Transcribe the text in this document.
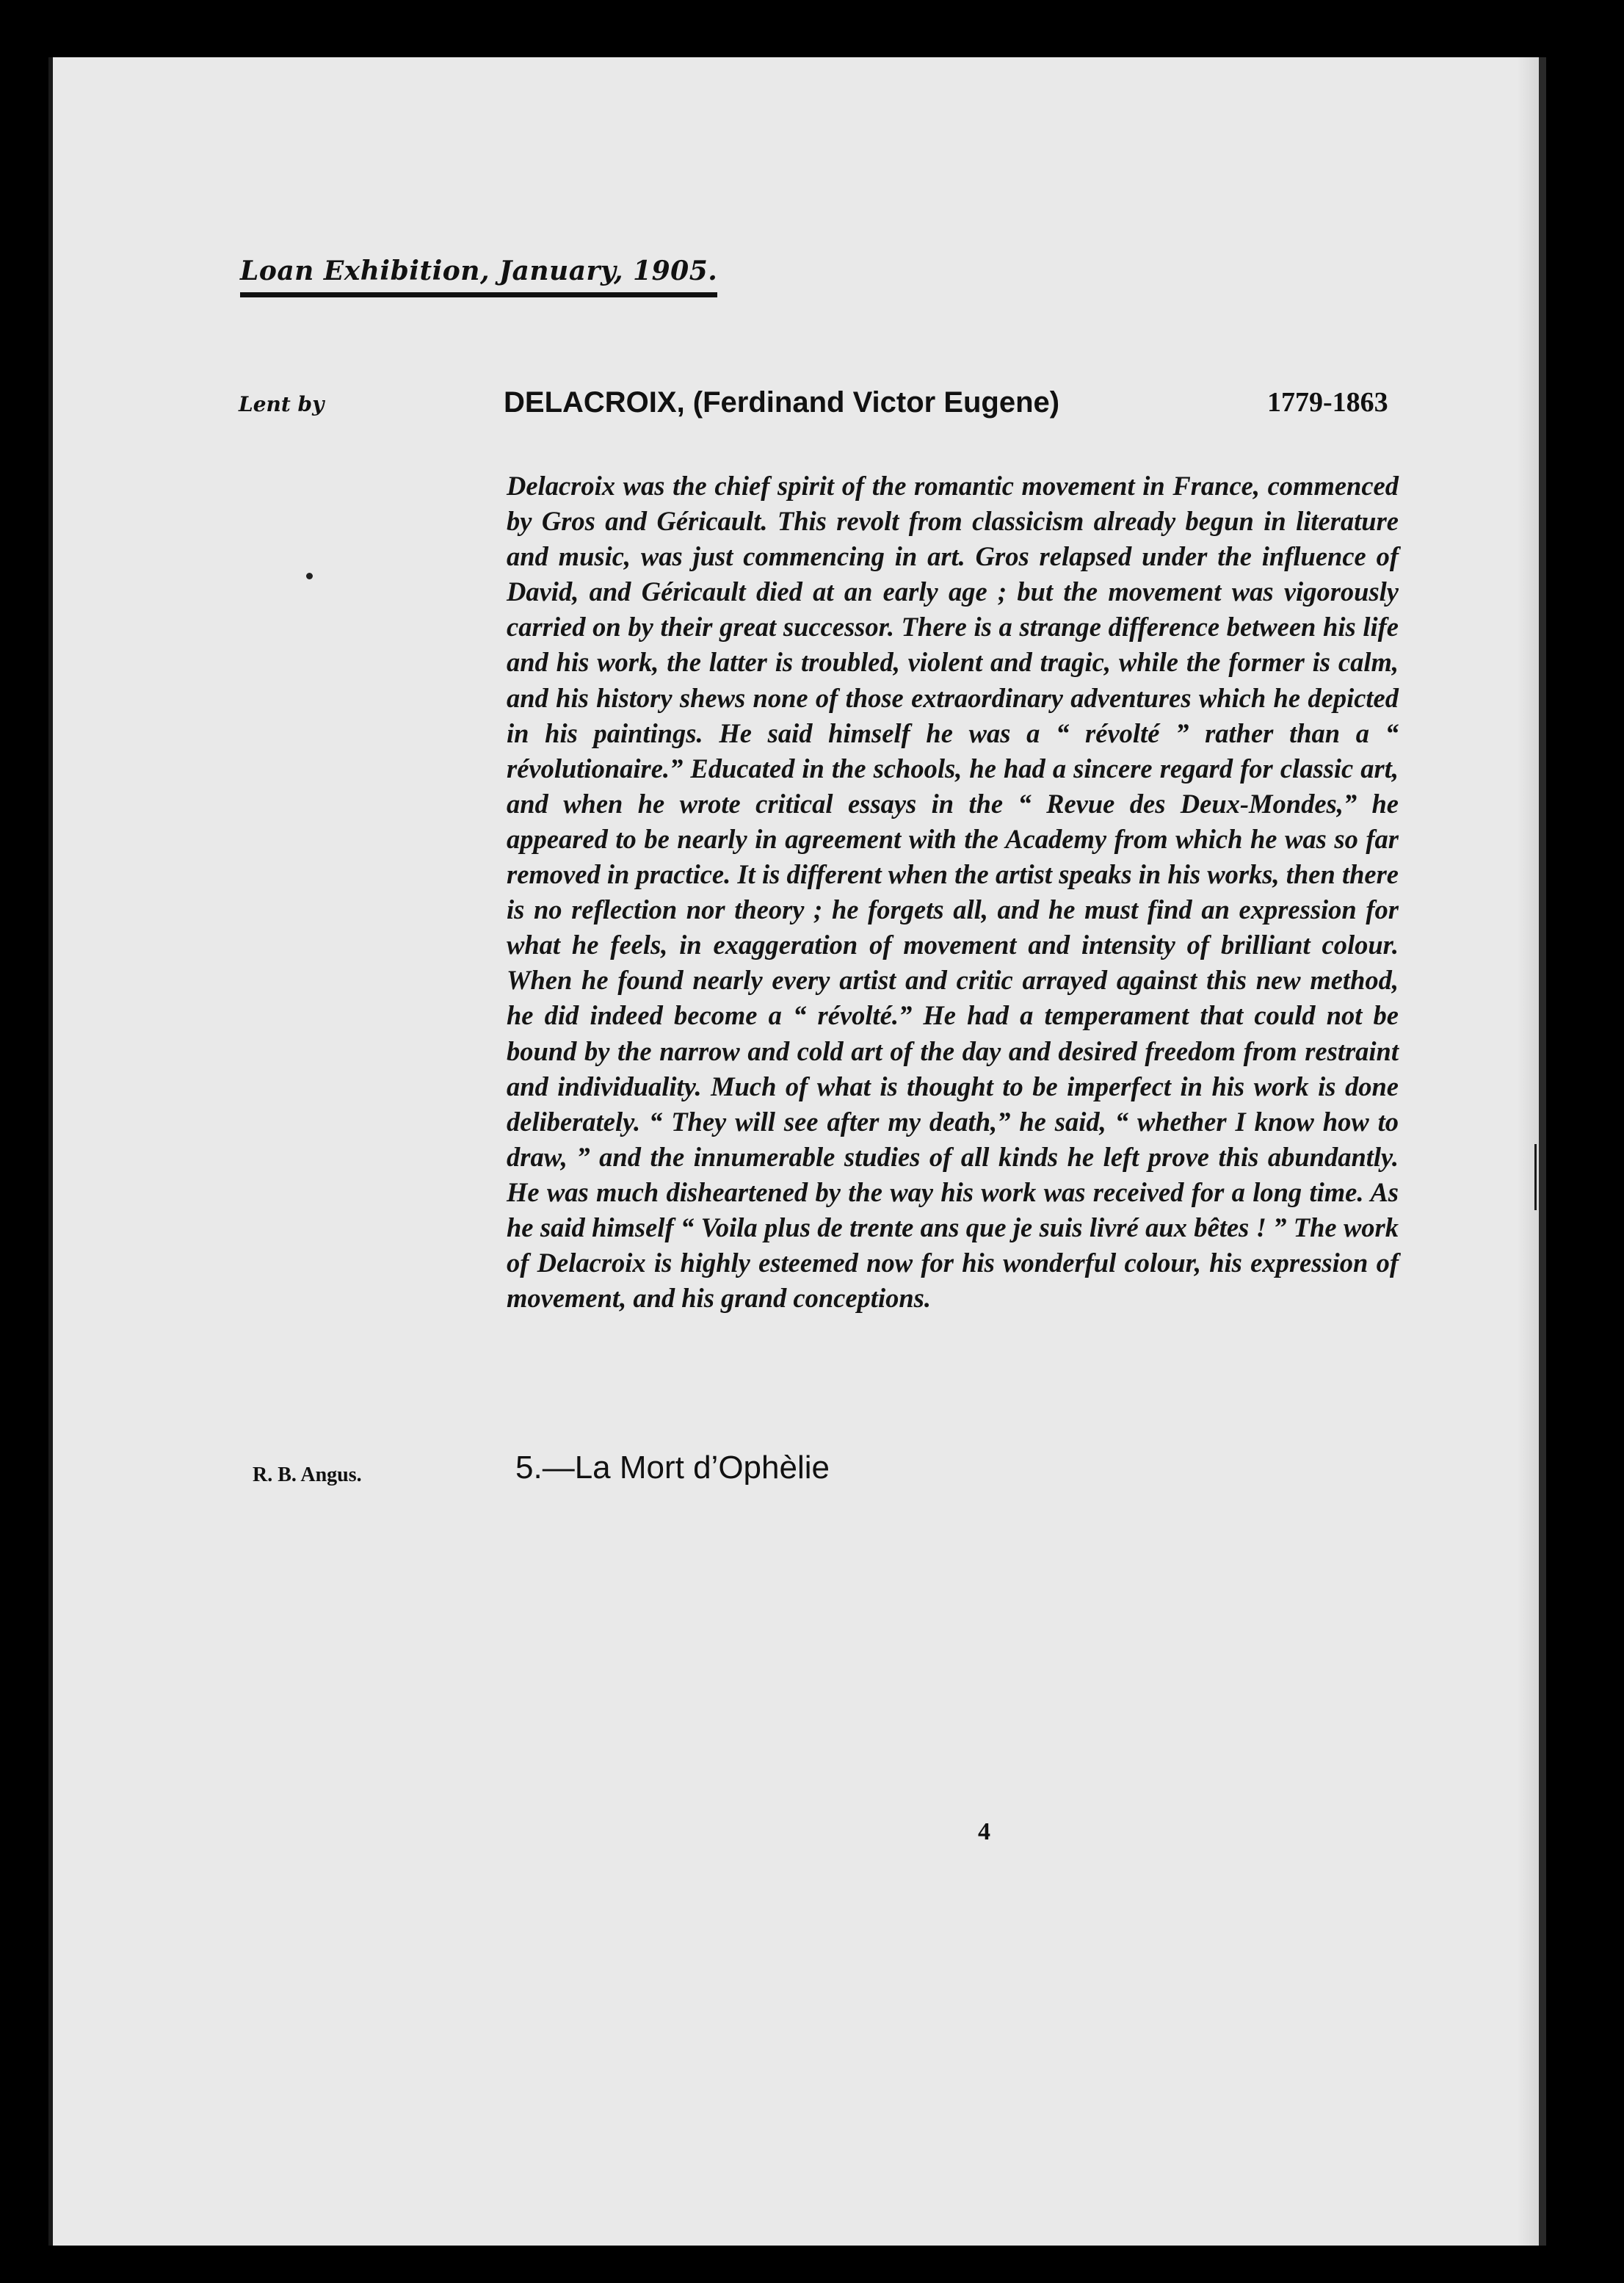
Loan Exhibition, January, 1905.
Lent by	DELACROIX, (Ferdinand Victor Eugene)	1779-1863

Delacroix was the chief spirit of the romantic movement in France, commenced by Gros and Géricault. This revolt from classicism already begun in literature and music, was just commencing in art. Gros relapsed under the influence of David, and Géricault died at an early age ; but the movement was vigorously carried on by their great successor. There is a strange difference between his life and his work, the latter is troubled, violent and tragic, while the former is calm, and his history shews none of those extraordinary adventures which he depicted in his paintings. He said himself he was a “ révolté ” rather than a “ révolutionaire.” Educated in the schools, he had a sincere regard for classic art, and when he wrote critical essays in the “ Revue des Deux-Mondes,” he appeared to be nearly in agreement with the Academy from which he was so far removed in practice. It is different when the artist speaks in his works, then there is no reflection nor theory ; he forgets all, and he must find an expression for what he feels, in exaggeration of movement and intensity of brilliant colour. When he found nearly every artist and critic arrayed against this new method, he did indeed become a “ révolté.” He had a temperament that could not be bound by the narrow and cold art of the day and desired freedom from restraint and individuality. Much of what is thought to be imperfect in his work is done deliberately. “ They will see after my death,” he said, “ whether I know how to draw, ” and the innumerable studies of all kinds he left prove this abundantly. He was much disheartened by the way his work was received for a long time. As he said himself “ Voila plus de trente ans que je suis livré aux bêtes ! ” The work of Delacroix is highly esteemed now for his wonderful colour, his expression of movement, and his grand conceptions.

R. B. Angus.	5.—La Mort d’Ophèlie
4
